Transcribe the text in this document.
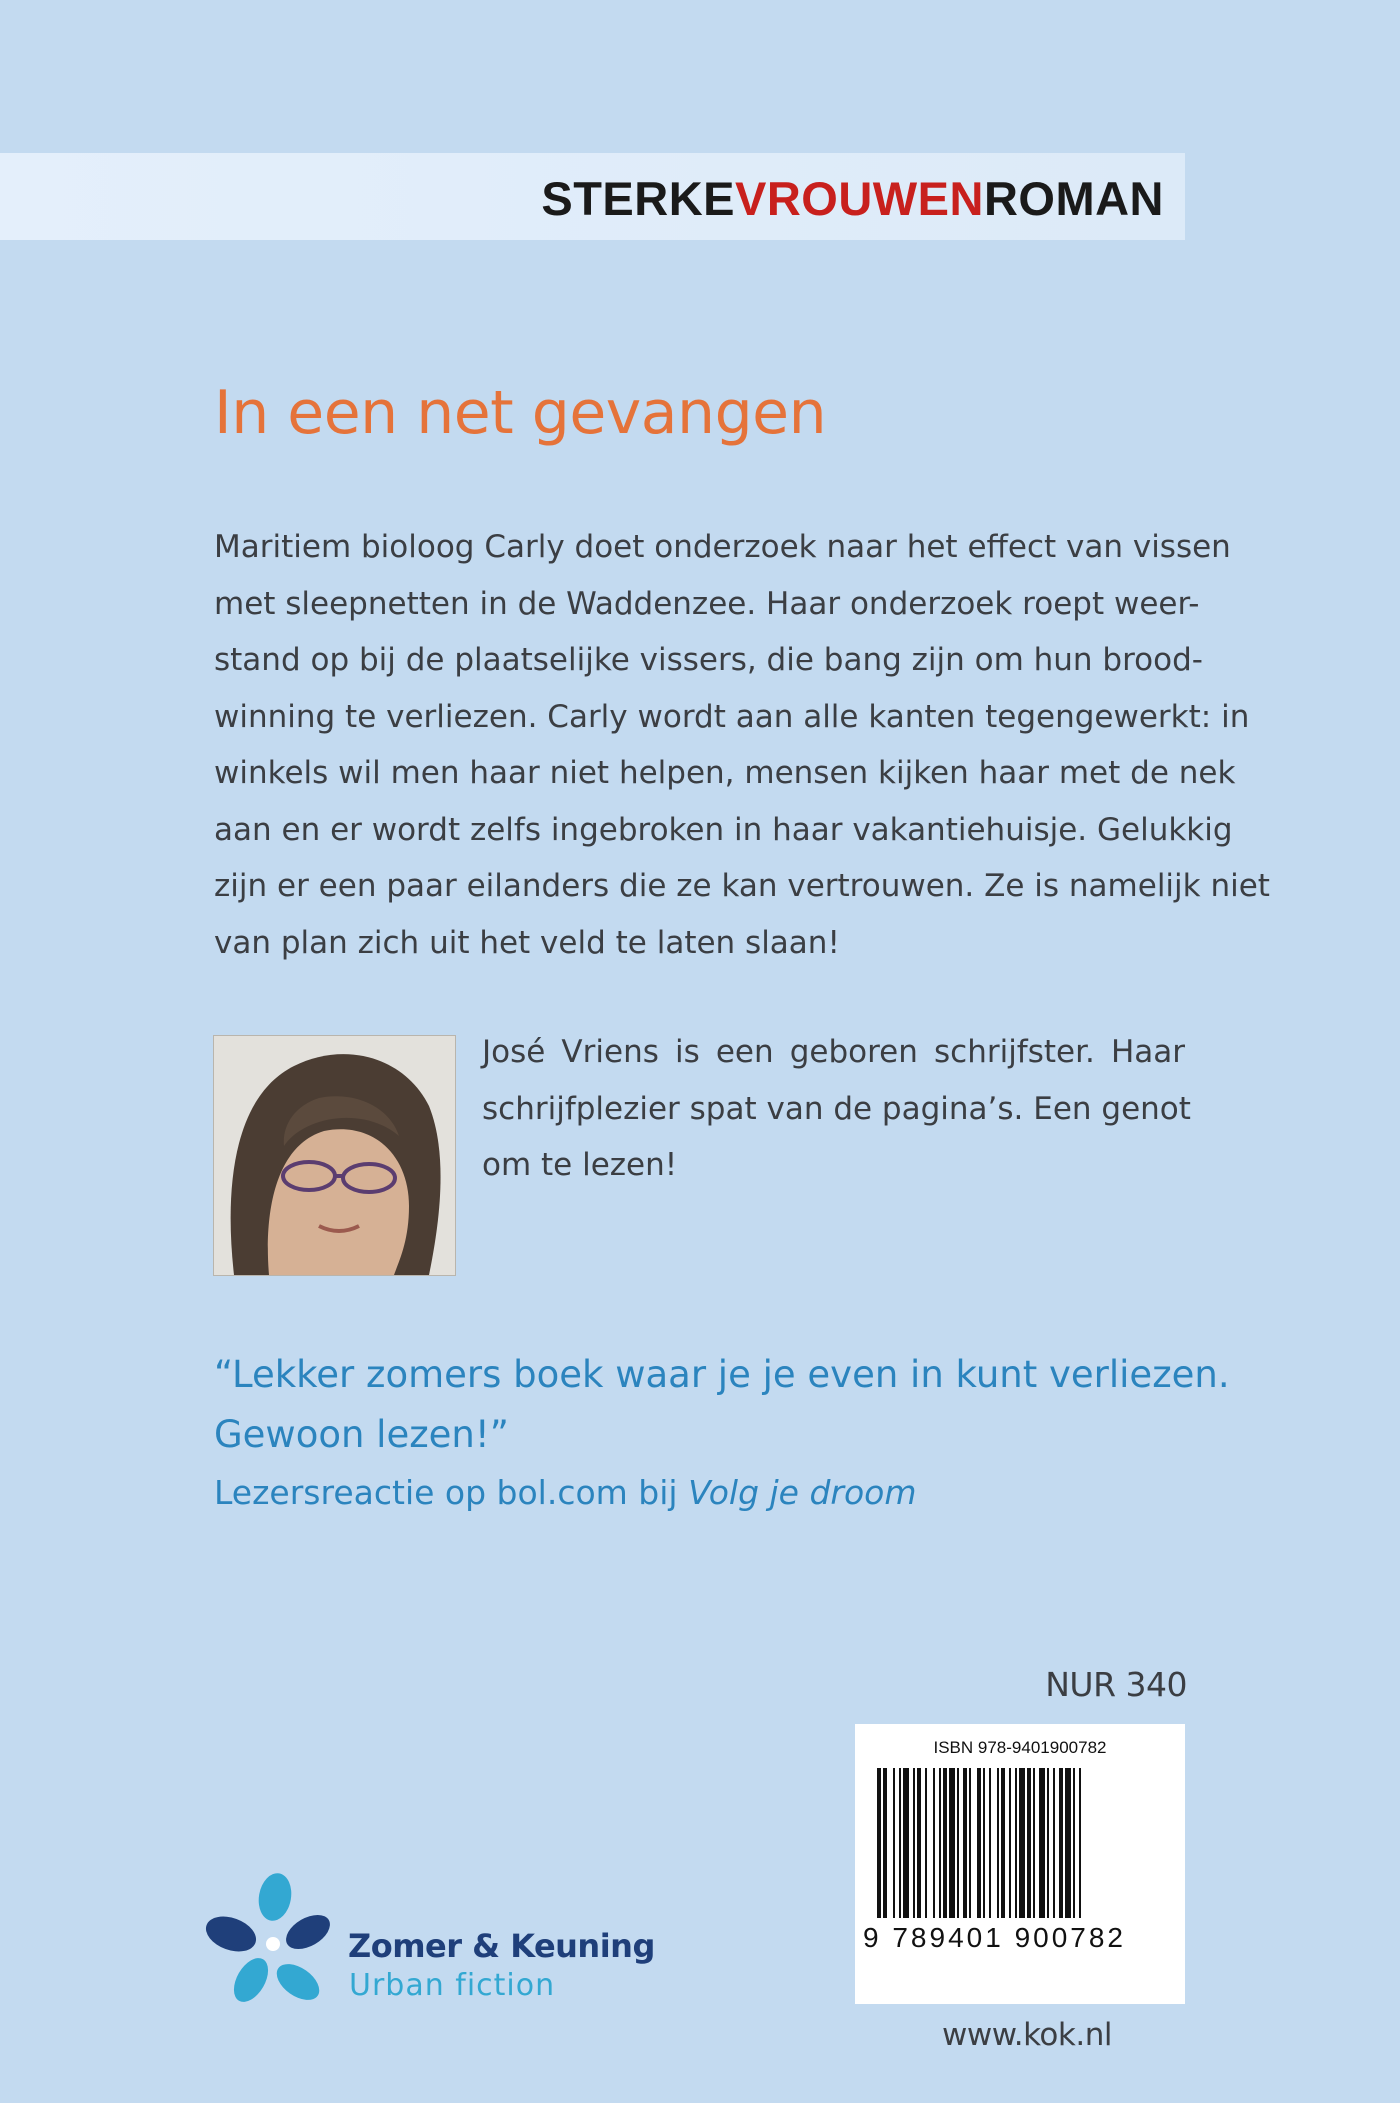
STERKEVROUWENROMAN
In een net gevangen
Maritiem bioloog Carly doet onderzoek naar het effect van vissen
met sleepnetten in de Waddenzee. Haar onderzoek roept weer-
stand op bij de plaatselijke vissers, die bang zijn om hun brood-
winning te verliezen. Carly wordt aan alle kanten tegengewerkt: in
winkels wil men haar niet helpen, mensen kijken haar met de nek
aan en er wordt zelfs ingebroken in haar vakantiehuisje. Gelukkig
zijn er een paar eilanders die ze kan vertrouwen. Ze is namelijk niet
van plan zich uit het veld te laten slaan!
José Vriens is een geboren schrijfster. Haar
schrijfplezier spat van de pagina’s. Een genot
om te lezen!
“Lekker zomers boek waar je je even in kunt verliezen.
Gewoon lezen!”
Lezersreactie op bol.com bij Volg je droom
NUR 340
ISBN 978-9401900782
9 789401 900782
www.kok.nl
Zomer & Keuning
Urban fiction
